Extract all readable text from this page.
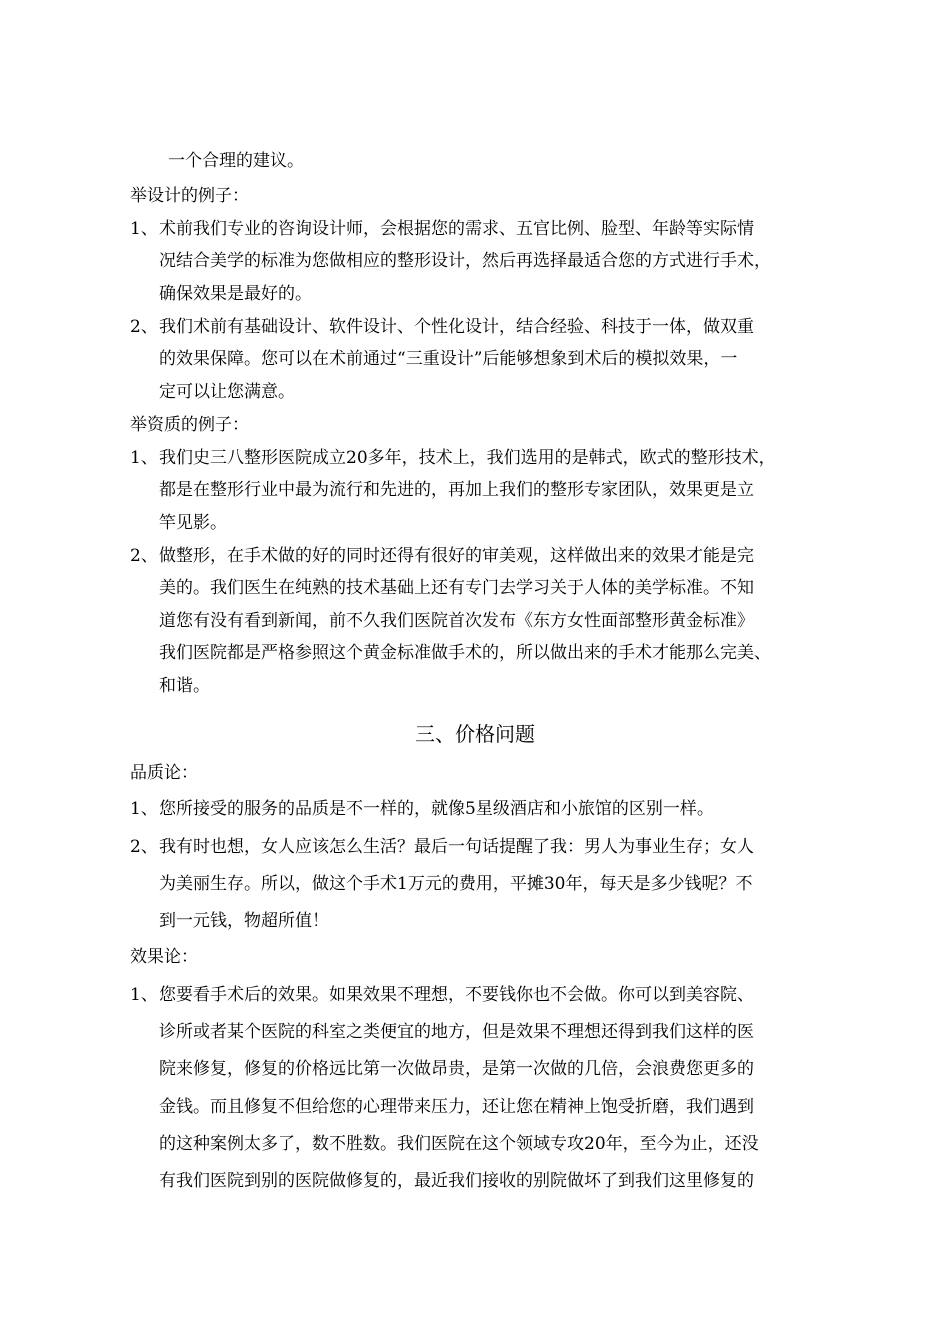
一个合理的建议。
举设计的例子：
1、 术前我们专业的咨询设计师，会根据您的需求、五官比例、脸型、年龄等实际情
况结合美学的标准为您做相应的整形设计，然后再选择最适合您的方式进行手术，
确保效果是最好的。
2、 我们术前有基础设计、软件设计、个性化设计，结合经验、科技于一体，做双重
的效果保障。您可以在术前通过“三重设计”后能够想象到术后的模拟效果，一
定可以让您满意。
举资质的例子：
1、 我们史三八整形医院成立20多年，技术上，我们选用的是韩式，欧式的整形技术，
都是在整形行业中最为流行和先进的，再加上我们的整形专家团队，效果更是立
竿见影。
2、 做整形，在手术做的好的同时还得有很好的审美观，这样做出来的效果才能是完
美的。我们医生在纯熟的技术基础上还有专门去学习关于人体的美学标准。不知
道您有没有看到新闻，前不久我们医院首次发布《东方女性面部整形黄金标准》
我们医院都是严格参照这个黄金标准做手术的，所以做出来的手术才能那么完美、
和谐。
三、价格问题
品质论：
1、 您所接受的服务的品质是不一样的，就像5星级酒店和小旅馆的区别一样。
2、 我有时也想，女人应该怎么生活？最后一句话提醒了我：男人为事业生存；女人
为美丽生存。所以，做这个手术1万元的费用，平摊30年，每天是多少钱呢？不
到一元钱，物超所值！
效果论：
1、 您要看手术后的效果。如果效果不理想，不要钱你也不会做。你可以到美容院、
诊所或者某个医院的科室之类便宜的地方，但是效果不理想还得到我们这样的医
院来修复，修复的价格远比第一次做昂贵，是第一次做的几倍，会浪费您更多的
金钱。而且修复不但给您的心理带来压力，还让您在精神上饱受折磨，我们遇到
的这种案例太多了，数不胜数。我们医院在这个领域专攻20年，至今为止，还没
有我们医院到别的医院做修复的，最近我们接收的别院做坏了到我们这里修复的
